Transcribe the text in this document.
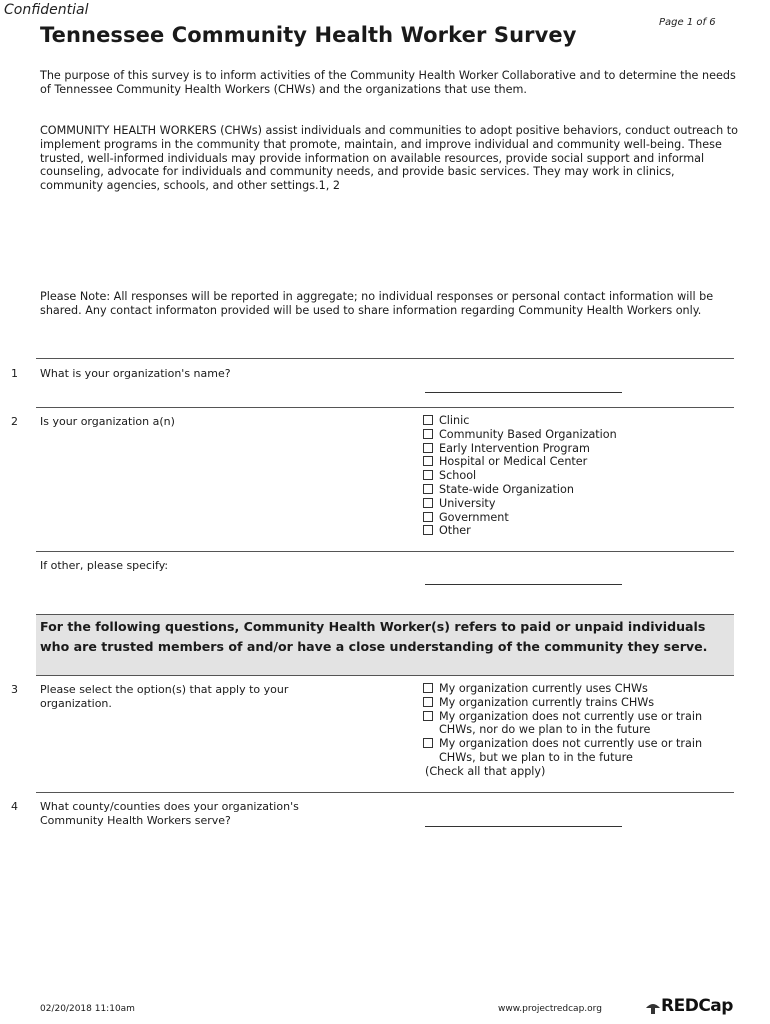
Confidential
Page 1 of 6
Tennessee Community Health Worker Survey
The purpose of this survey is to inform activities of the Community Health Worker Collaborative and to determine the needs of Tennessee Community Health Workers (CHWs) and the organizations that use them.
COMMUNITY HEALTH WORKERS (CHWs) assist individuals and communities to adopt positive behaviors, conduct outreach to implement programs in the community that promote, maintain, and improve individual and community well-being. These trusted, well-informed individuals may provide information on available resources, provide social support and informal counseling, advocate for individuals and community needs, and provide basic services. They may work in clinics, community agencies, schools, and other settings.1, 2
Please Note: All responses will be reported in aggregate; no individual responses or personal contact information will be shared. Any contact informaton provided will be used to share information regarding Community Health Workers only.
1 What is your organization's name?
2 Is your organization a(n)	Clinic
Community Based Organization
Early Intervention Program
Hospital or Medical Center
School
State-wide Organization
University
Government
Other
If other, please specify:
For the following questions, Community Health Worker(s) refers to paid or unpaid individuals who are trusted members of and/or have a close understanding of the community they serve.
3 Please select the option(s) that apply to your organization.
My organization currently uses CHWs
My organization currently trains CHWs
My organization does not currently use or train
CHWs, nor do we plan to in the future
My organization does not currently use or train
CHWs, but we plan to in the future
(Check all that apply)
4 What county/counties does your organization's Community Health Workers serve?
02/20/2018 11:10am	www.projectredcap.org	REDCap
